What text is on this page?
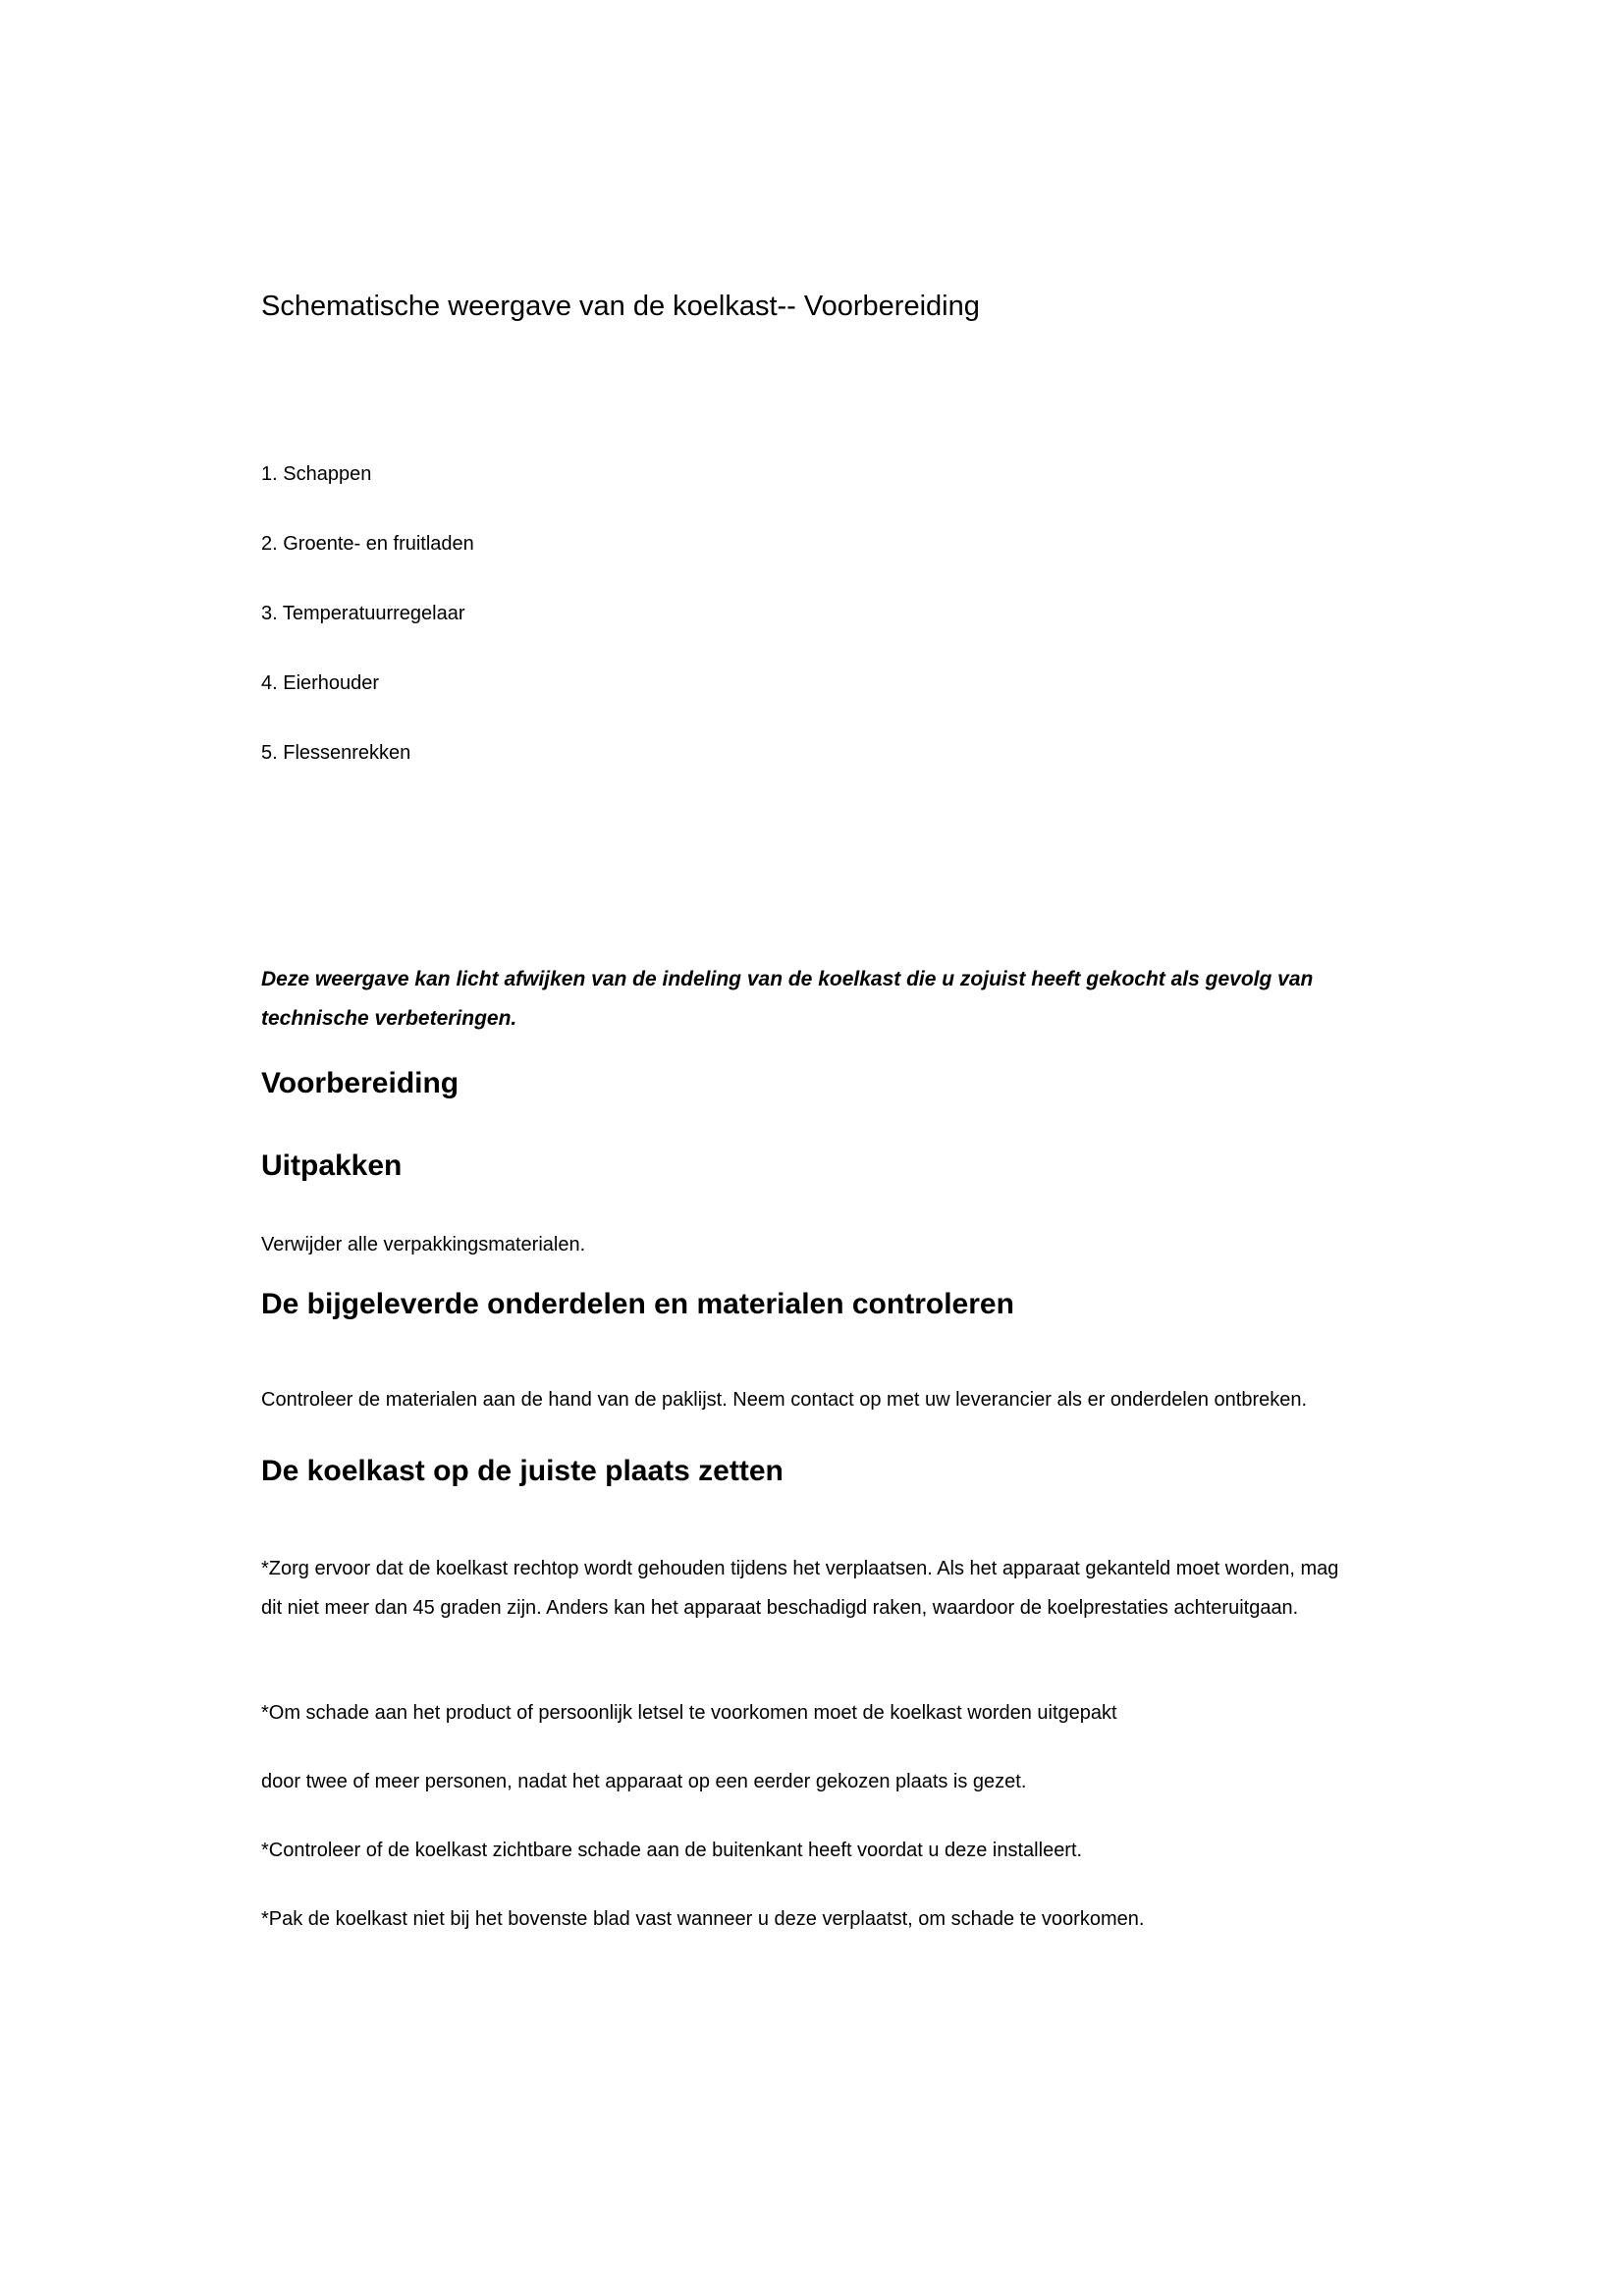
Schematische weergave van de koelkast-- Voorbereiding
1. Schappen
2. Groente- en fruitladen
3. Temperatuurregelaar
4. Eierhouder
5. Flessenrekken
Deze weergave kan licht afwijken van de indeling van de koelkast die u zojuist heeft gekocht als gevolg van technische verbeteringen.
Voorbereiding
Uitpakken
Verwijder alle verpakkingsmaterialen.
De bijgeleverde onderdelen en materialen controleren
Controleer de materialen aan de hand van de paklijst. Neem contact op met uw leverancier als er onderdelen ontbreken.
De koelkast op de juiste plaats zetten
*Zorg ervoor dat de koelkast rechtop wordt gehouden tijdens het verplaatsen. Als het apparaat gekanteld moet worden, mag dit niet meer dan 45 graden zijn. Anders kan het apparaat beschadigd raken, waardoor de koelprestaties achteruitgaan.
*Om schade aan het product of persoonlijk letsel te voorkomen moet de koelkast worden uitgepakt
door twee of meer personen, nadat het apparaat op een eerder gekozen plaats is gezet.
*Controleer of de koelkast zichtbare schade aan de buitenkant heeft voordat u deze installeert.
*Pak de koelkast niet bij het bovenste blad vast wanneer u deze verplaatst, om schade te voorkomen.
